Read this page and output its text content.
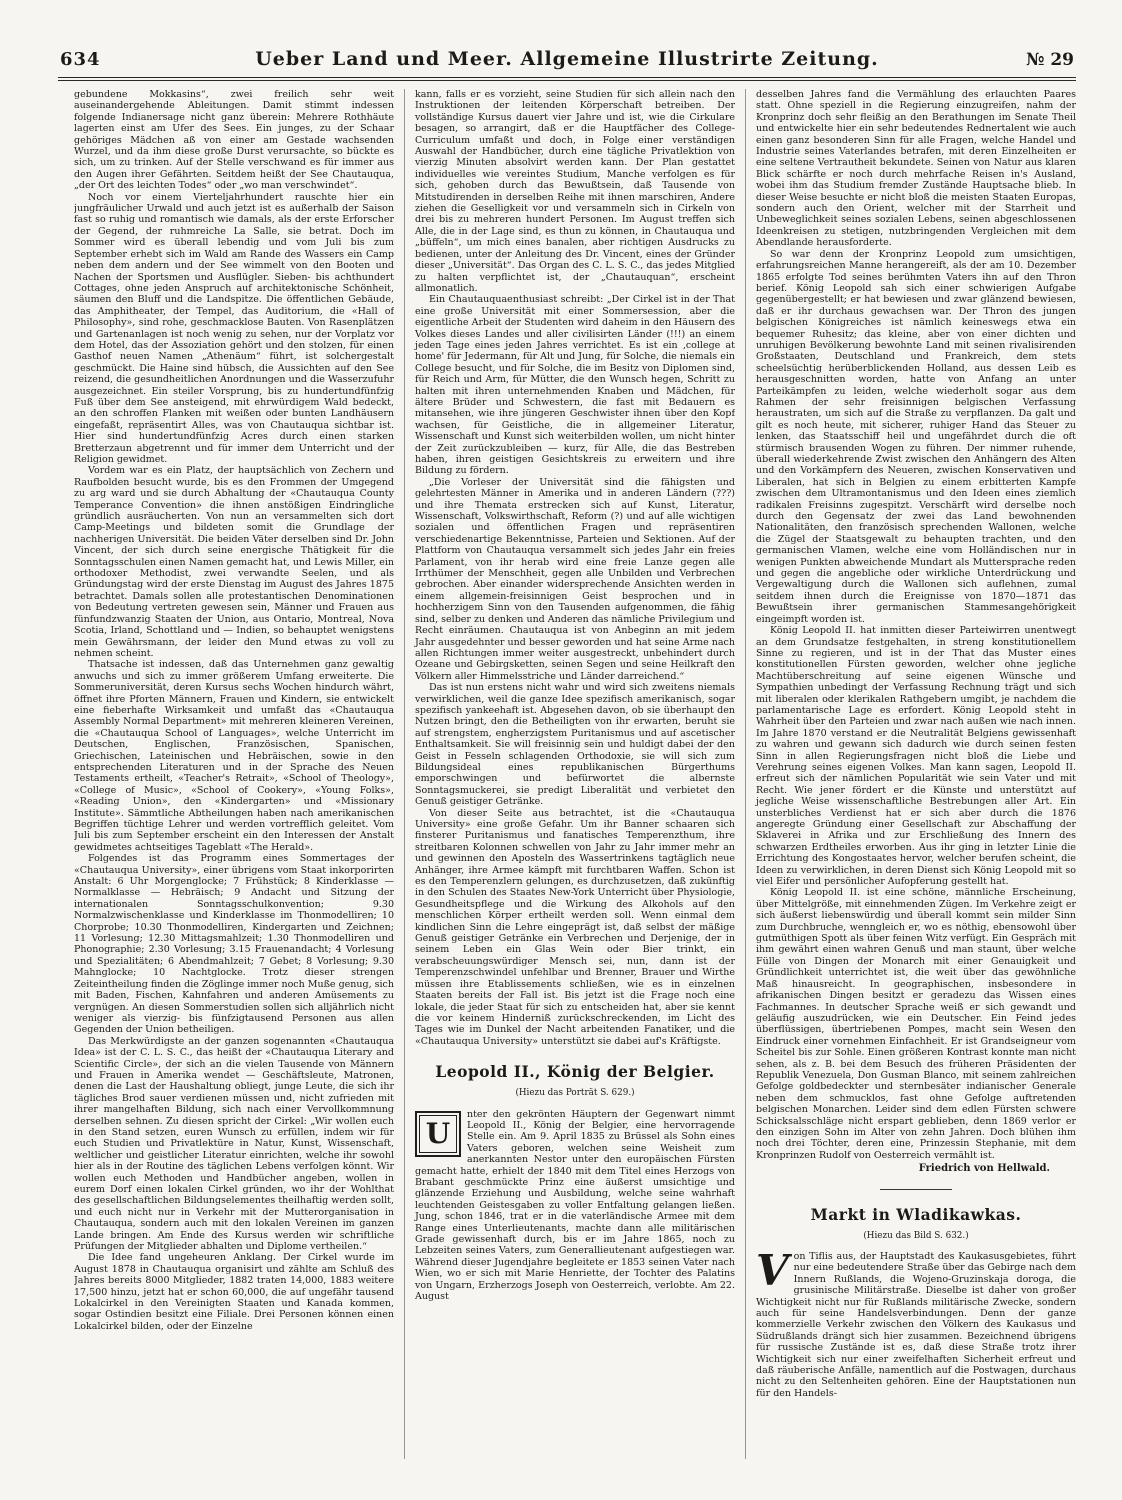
634	Ueber Land und Meer. Allgemeine Illustrirte Zeitung.	№ 29

gebundene Mokkasins“, zwei freilich sehr weit auseinandergehende Ableitungen. Damit stimmt indessen folgende Indianersage nicht ganz überein: Mehrere Rothhäute lagerten einst am Ufer des Sees. Ein junges, zu der Schaar gehöriges Mädchen aß von einer am Gestade wachsenden Wurzel, und da ihm diese große Durst verursachte, so bückte es sich, um zu trinken. Auf der Stelle verschwand es für immer aus den Augen ihrer Gefährten. Seitdem heißt der See Chautauqua, „der Ort des leichten Todes“ oder „wo man verschwindet“.

Noch vor einem Vierteljahrhundert rauschte hier ein jungfräulicher Urwald und auch jetzt ist es außerhalb der Saison fast so ruhig und romantisch wie damals, als der erste Erforscher der Gegend, der ruhmreiche La Salle, sie betrat. Doch im Sommer wird es überall lebendig und vom Juli bis zum September erhebt sich im Wald am Rande des Wassers ein Camp neben dem andern und der See wimmelt von den Booten und Nachen der Sportsmen und Ausflügler. Sieben- bis achthundert Cottages, ohne jeden Anspruch auf architektonische Schönheit, säumen den Bluff und die Landspitze. Die öffentlichen Gebäude, das Amphitheater, der Tempel, das Auditorium, die «Hall of Philosophy», sind rohe, geschmacklose Bauten. Von Rasenplätzen und Gartenanlagen ist noch wenig zu sehen, nur der Vorplatz vor dem Hotel, das der Assoziation gehört und den stolzen, für einen Gasthof neuen Namen „Athenäum“ führt, ist solchergestalt geschmückt. Die Haine sind hübsch, die Aussichten auf den See reizend, die gesundheitlichen Anordnungen und die Wasserzufuhr ausgezeichnet. Ein steiler Vorsprung, bis zu hundertundfünfzig Fuß über dem See ansteigend, mit ehrwürdigem Wald bedeckt, an den schroffen Flanken mit weißen oder bunten Landhäusern eingefaßt, repräsentirt Alles, was von Chautauqua sichtbar ist. Hier sind hundertundfünfzig Acres durch einen starken Bretterzaun abgetrennt und für immer dem Unterricht und der Religion gewidmet.

Vordem war es ein Platz, der hauptsächlich von Zechern und Raufbolden besucht wurde, bis es den Frommen der Umgegend zu arg ward und sie durch Abhaltung der «Chautauqua County Temperance Convention» die ihnen anstößigen Eindringliche gründlich ausräucherten. Von nun an versammelten sich dort Camp-Meetings und bildeten somit die Grundlage der nachherigen Universität. Die beiden Väter derselben sind Dr. John Vincent, der sich durch seine energische Thätigkeit für die Sonntagsschulen einen Namen gemacht hat, und Lewis Miller, ein orthodoxer Methodist, zwei verwandte Seelen, und als Gründungstag wird der erste Dienstag im August des Jahres 1875 betrachtet. Damals sollen alle protestantischen Denominationen von Bedeutung vertreten gewesen sein, Männer und Frauen aus fünfundzwanzig Staaten der Union, aus Ontario, Montreal, Nova Scotia, Irland, Schottland und — Indien, so behauptet wenigstens mein Gewährsmann, der leider den Mund etwas zu voll zu nehmen scheint.

Thatsache ist indessen, daß das Unternehmen ganz gewaltig anwuchs und sich zu immer größerem Umfang erweiterte. Die Sommeruniversität, deren Kursus sechs Wochen hindurch währt, öffnet ihre Pforten Männern, Frauen und Kindern, sie entwickelt eine fieberhafte Wirksamkeit und umfaßt das «Chautauqua Assembly Normal Department» mit mehreren kleineren Vereinen, die «Chautauqua School of Languages», welche Unterricht im Deutschen, Englischen, Französischen, Spanischen, Griechischen, Lateinischen und Hebräischen, sowie in den entsprechenden Literaturen und in der Sprache des Neuen Testaments ertheilt, «Teacher's Retrait», «School of Theology», «College of Music», «School of Cookery», «Young Folks», «Reading Union», den «Kindergarten» und «Missionary Institute». Sämmtliche Abtheilungen haben nach amerikanischen Begriffen tüchtige Lehrer und werden vortrefflich geleitet. Vom Juli bis zum September erscheint ein den Interessen der Anstalt gewidmetes achtseitiges Tageblatt «The Herald».

Folgendes ist das Programm eines Sommertages der «Chautauqua University», einer übrigens vom Staat inkorporirten Anstalt: 6 Uhr Morgenglocke; 7 Frühstück; 8 Kinderklasse — Normalklasse — Hebräisch; 9 Andacht und Sitzung der internationalen Sonntagsschulkonvention; 9.30 Normalzwischenklasse und Kinderklasse im Thonmodelliren; 10 Chorprobe; 10.30 Thonmodelliren, Kindergarten und Zeichnen; 11 Vorlesung; 12.30 Mittagsmahlzeit; 1.30 Thonmodelliren und Phonographie; 2.30 Vorlesung; 3.15 Frauenandacht; 4 Vorlesung und Spezialitäten; 6 Abendmahlzeit; 7 Gebet; 8 Vorlesung; 9.30 Mahnglocke; 10 Nachtglocke. Trotz dieser strengen Zeiteintheilung finden die Zöglinge immer noch Muße genug, sich mit Baden, Fischen, Kahnfahren und anderen Amüsements zu vergnügen. An diesen Sommerstudien sollen sich alljährlich nicht weniger als vierzig- bis fünfzigtausend Personen aus allen Gegenden der Union betheiligen.

Das Merkwürdigste an der ganzen sogenannten «Chautauqua Idea» ist der C. L. S. C., das heißt der «Chautauqua Literary and Scientific Circle», der sich an die vielen Tausende von Männern und Frauen in Amerika wendet — Geschäftsleute, Matronen, denen die Last der Haushaltung obliegt, junge Leute, die sich ihr tägliches Brod sauer verdienen müssen und, nicht zufrieden mit ihrer mangelhaften Bildung, sich nach einer Vervollkommnung derselben sehnen. Zu diesen spricht der Cirkel: „Wir wollen euch in den Stand setzen, euren Wunsch zu erfüllen, indem wir für euch Studien und Privatlektüre in Natur, Kunst, Wissenschaft, weltlicher und geistlicher Literatur einrichten, welche ihr sowohl hier als in der Routine des täglichen Lebens verfolgen könnt. Wir wollen euch Methoden und Handbücher angeben, wollen in eurem Dorf einen lokalen Cirkel gründen, wo ihr der Wohlthat des gesellschaftlichen Bildungselementes theilhaftig werden sollt, und euch nicht nur in Verkehr mit der Mutterorganisation in Chautauqua, sondern auch mit den lokalen Vereinen im ganzen Lande bringen. Am Ende des Kursus werden wir schriftliche Prüfungen der Mitglieder abhalten und Diplome vertheilen.“

Die Idee fand ungeheuren Anklang. Der Cirkel wurde im August 1878 in Chautauqua organisirt und zählte am Schluß des Jahres bereits 8000 Mitglieder, 1882 traten 14,000, 1883 weitere 17,500 hinzu, jetzt hat er schon 60,000, die auf ungefähr tausend Lokalcirkel in den Vereinigten Staaten und Kanada kommen, sogar Ostindien besitzt eine Filiale. Drei Personen können einen Lokalcirkel bilden, oder der Einzelne

kann, falls er es vorzieht, seine Studien für sich allein nach den Instruktionen der leitenden Körperschaft betreiben. Der vollständige Kursus dauert vier Jahre und ist, wie die Cirkulare besagen, so arrangirt, daß er die Hauptfächer des College-Curriculum umfaßt und doch, in Folge einer verständigen Auswahl der Handbücher, durch eine tägliche Privatlektion von vierzig Minuten absolvirt werden kann. Der Plan gestattet individuelles wie vereintes Studium, Manche verfolgen es für sich, gehoben durch das Bewußtsein, daß Tausende von Mitstudirenden in derselben Reihe mit ihnen marschiren, Andere ziehen die Geselligkeit vor und versammeln sich in Cirkeln von drei bis zu mehreren hundert Personen. Im August treffen sich Alle, die in der Lage sind, es thun zu können, in Chautauqua und „büffeln“, um mich eines banalen, aber richtigen Ausdrucks zu bedienen, unter der Anleitung des Dr. Vincent, eines der Gründer dieser „Universität“. Das Organ des C. L. S. C., das jedes Mitglied zu halten verpflichtet ist, der „Chautauquan“, erscheint allmonatlich.

Ein Chautauquaenthusiast schreibt: „Der Cirkel ist in der That eine große Universität mit einer Sommersession, aber die eigentliche Arbeit der Studenten wird daheim in den Häusern des Volkes dieses Landes und aller civilisirten Länder (!!!) an einem jeden Tage eines jeden Jahres verrichtet. Es ist ein ‚college at home' für Jedermann, für Alt und Jung, für Solche, die niemals ein College besucht, und für Solche, die im Besitz von Diplomen sind, für Reich und Arm, für Mütter, die den Wunsch hegen, Schritt zu halten mit ihren unternehmenden Knaben und Mädchen, für ältere Brüder und Schwestern, die fast mit Bedauern es mitansehen, wie ihre jüngeren Geschwister ihnen über den Kopf wachsen, für Geistliche, die in allgemeiner Literatur, Wissenschaft und Kunst sich weiterbilden wollen, um nicht hinter der Zeit zurückzubleiben — kurz, für Alle, die das Bestreben haben, ihren geistigen Gesichtskreis zu erweitern und ihre Bildung zu fördern.

„Die Vorleser der Universität sind die fähigsten und gelehrtesten Männer in Amerika und in anderen Ländern (???) und ihre Themata erstrecken sich auf Kunst, Literatur, Wissenschaft, Volkswirthschaft, Reform (?) und auf alle wichtigen sozialen und öffentlichen Fragen und repräsentiren verschiedenartige Bekenntnisse, Parteien und Sektionen. Auf der Plattform von Chautauqua versammelt sich jedes Jahr ein freies Parlament, von ihr herab wird eine freie Lanze gegen alle Irrthümer der Menschheit, gegen alle Unbilden und Verbrechen gebrochen. Aber einander widersprechende Ansichten werden in einem allgemein-freisinnigen Geist besprochen und in hochherzigem Sinn von den Tausenden aufgenommen, die fähig sind, selber zu denken und Anderen das nämliche Privilegium und Recht einräumen. Chautauqua ist von Anbeginn an mit jedem Jahr ausgedehnter und besser geworden und hat seine Arme nach allen Richtungen immer weiter ausgestreckt, unbehindert durch Ozeane und Gebirgsketten, seinen Segen und seine Heilkraft den Völkern aller Himmelsstriche und Länder darreichend.“

Das ist nun erstens nicht wahr und wird sich zweitens niemals verwirklichen, weil die ganze Idee spezifisch amerikanisch, sogar spezifisch yankeehaft ist. Abgesehen davon, ob sie überhaupt den Nutzen bringt, den die Betheiligten von ihr erwarten, beruht sie auf strengstem, engherzigstem Puritanismus und auf ascetischer Enthaltsamkeit. Sie will freisinnig sein und huldigt dabei der den Geist in Fesseln schlagenden Orthodoxie, sie will sich zum Bildungsideal eines republikanischen Bürgerthums emporschwingen und befürwortet die albernste Sonntagsmuckerei, sie predigt Liberalität und verbietet den Genuß geistiger Getränke.

Von dieser Seite aus betrachtet, ist die «Chautauqua University» eine große Gefahr. Um ihr Banner schaaren sich finsterer Puritanismus und fanatisches Temperenzthum, ihre streitbaren Kolonnen schwellen von Jahr zu Jahr immer mehr an und gewinnen den Aposteln des Wassertrinkens tagtäglich neue Anhänger, ihre Armee kämpft mit furchtbaren Waffen. Schon ist es den Temperenzlern gelungen, es durchzusetzen, daß zukünftig in den Schulen des Staates New-York Unterricht über Physiologie, Gesundheitspflege und die Wirkung des Alkohols auf den menschlichen Körper ertheilt werden soll. Wenn einmal dem kindlichen Sinn die Lehre eingeprägt ist, daß selbst der mäßige Genuß geistiger Getränke ein Verbrechen und Derjenige, der in seinem Leben ein Glas Wein oder Bier trinkt, ein verabscheuungswürdiger Mensch sei, nun, dann ist der Temperenzschwindel unfehlbar und Brenner, Brauer und Wirthe müssen ihre Etablissements schließen, wie es in einzelnen Staaten bereits der Fall ist. Bis jetzt ist die Frage noch eine lokale, die jeder Staat für sich zu entscheiden hat, aber sie kennt die vor keinem Hinderniß zurückschreckenden, im Licht des Tages wie im Dunkel der Nacht arbeitenden Fanatiker, und die «Chautauqua University» unterstützt sie dabei auf's Kräftigste.

Leopold II., König der Belgier.

(Hiezu das Porträt S. 629.)

U
nter den gekrönten Häuptern der Gegenwart nimmt Leopold II., König der Belgier, eine hervorragende Stelle ein. Am 9. April 1835 zu Brüssel als Sohn eines Vaters geboren, welchen seine Weisheit zum anerkannten Nestor unter den europäischen Fürsten gemacht hatte, erhielt der 1840 mit dem Titel eines Herzogs von Brabant geschmückte Prinz eine äußerst umsichtige und glänzende Erziehung und Ausbildung, welche seine wahrhaft leuchtenden Geistesgaben zu voller Entfaltung gelangen ließen. Jung, schon 1846, trat er in die vaterländische Armee mit dem Range eines Unterlieutenants, machte dann alle militärischen Grade gewissenhaft durch, bis er im Jahre 1865, noch zu Lebzeiten seines Vaters, zum Generallieutenant aufgestiegen war. Während dieser Jugendjahre begleitete er 1853 seinen Vater nach Wien, wo er sich mit Marie Henriette, der Tochter des Palatins von Ungarn, Erzherzogs Joseph von Oesterreich, verlobte. Am 22. August

desselben Jahres fand die Vermählung des erlauchten Paares statt. Ohne speziell in die Regierung einzugreifen, nahm der Kronprinz doch sehr fleißig an den Berathungen im Senate Theil und entwickelte hier ein sehr bedeutendes Rednertalent wie auch einen ganz besonderen Sinn für alle Fragen, welche Handel und Industrie seines Vaterlandes betrafen, mit deren Einzelheiten er eine seltene Vertrautheit bekundete. Seinen von Natur aus klaren Blick schärfte er noch durch mehrfache Reisen in's Ausland, wobei ihm das Studium fremder Zustände Hauptsache blieb. In dieser Weise besuchte er nicht bloß die meisten Staaten Europas, sondern auch den Orient, welcher mit der Starrheit und Unbeweglichkeit seines sozialen Lebens, seinen abgeschlossenen Ideenkreisen zu stetigen, nutzbringenden Vergleichen mit dem Abendlande herausforderte.

So war denn der Kronprinz Leopold zum umsichtigen, erfahrungsreichen Manne herangereift, als der am 10. Dezember 1865 erfolgte Tod seines berühmten Vaters ihn auf den Thron berief. König Leopold sah sich einer schwierigen Aufgabe gegenübergestellt; er hat bewiesen und zwar glänzend bewiesen, daß er ihr durchaus gewachsen war. Der Thron des jungen belgischen Königreiches ist nämlich keineswegs etwa ein bequemer Ruhesitz; das kleine, aber von einer dichten und unruhigen Bevölkerung bewohnte Land mit seinen rivalisirenden Großstaaten, Deutschland und Frankreich, dem stets scheelsüchtig herüberblickenden Holland, aus dessen Leib es herausgeschnitten worden, hatte von Anfang an unter Parteikämpfen zu leiden, welche wiederholt sogar aus dem Rahmen der sehr freisinnigen belgischen Verfassung heraustraten, um sich auf die Straße zu verpflanzen. Da galt und gilt es noch heute, mit sicherer, ruhiger Hand das Steuer zu lenken, das Staatsschiff heil und ungefährdet durch die oft stürmisch brausenden Wogen zu führen. Der nimmer ruhende, überall wiederkehrende Zwist zwischen den Anhängern des Alten und den Vorkämpfern des Neueren, zwischen Konservativen und Liberalen, hat sich in Belgien zu einem erbitterten Kampfe zwischen dem Ultramontanismus und den Ideen eines ziemlich radikalen Freisinns zugespitzt. Verschärft wird derselbe noch durch den Gegensatz der zwei das Land bewohnenden Nationalitäten, den französisch sprechenden Wallonen, welche die Zügel der Staatsgewalt zu behaupten trachten, und den germanischen Vlamen, welche eine vom Holländischen nur in wenigen Punkten abweichende Mundart als Muttersprache reden und gegen die angebliche oder wirkliche Unterdrückung und Vergewaltigung durch die Wallonen sich auflehnen, zumal seitdem ihnen durch die Ereignisse von 1870—1871 das Bewußtsein ihrer germanischen Stammesangehörigkeit eingeimpft worden ist.

König Leopold II. hat inmitten dieser Parteiwirren unentwegt an dem Grundsatze festgehalten, in streng konstitutionellem Sinne zu regieren, und ist in der That das Muster eines konstitutionellen Fürsten geworden, welcher ohne jegliche Machtüberschreitung auf seine eigenen Wünsche und Sympathien unbedingt der Verfassung Rechnung trägt und sich mit liberalen oder klerikalen Rathgebern umgibt, je nachdem die parlamentarische Lage es erfordert. König Leopold steht in Wahrheit über den Parteien und zwar nach außen wie nach innen. Im Jahre 1870 verstand er die Neutralität Belgiens gewissenhaft zu wahren und gewann sich dadurch wie durch seinen festen Sinn in allen Regierungsfragen nicht bloß die Liebe und Verehrung seines eigenen Volkes. Man kann sagen, Leopold II. erfreut sich der nämlichen Popularität wie sein Vater und mit Recht. Wie jener fördert er die Künste und unterstützt auf jegliche Weise wissenschaftliche Bestrebungen aller Art. Ein unsterbliches Verdienst hat er sich aber durch die 1876 angeregte Gründung einer Gesellschaft zur Abschaffung der Sklaverei in Afrika und zur Erschließung des Innern des schwarzen Erdtheiles erworben. Aus ihr ging in letzter Linie die Errichtung des Kongostaates hervor, welcher berufen scheint, die Ideen zu verwirklichen, in deren Dienst sich König Leopold mit so viel Eifer und persönlicher Aufopferung gestellt hat.

König Leopold II. ist eine schöne, männliche Erscheinung, über Mittelgröße, mit einnehmenden Zügen. Im Verkehre zeigt er sich äußerst liebenswürdig und überall kommt sein milder Sinn zum Durchbruche, wenngleich er, wo es nöthig, ebensowohl über gutmüthigen Spott als über feinen Witz verfügt. Ein Gespräch mit ihm gewährt einen wahren Genuß und man staunt, über welche Fülle von Dingen der Monarch mit einer Genauigkeit und Gründlichkeit unterrichtet ist, die weit über das gewöhnliche Maß hinausreicht. In geographischen, insbesondere in afrikanischen Dingen besitzt er geradezu das Wissen eines Fachmannes. In deutscher Sprache weiß er sich gewandt und geläufig auszudrücken, wie ein Deutscher. Ein Feind jedes überflüssigen, übertriebenen Pompes, macht sein Wesen den Eindruck einer vornehmen Einfachheit. Er ist Grandseigneur vom Scheitel bis zur Sohle. Einen größeren Kontrast konnte man nicht sehen, als z. B. bei dem Besuch des früheren Präsidenten der Republik Venezuela, Don Gusman Blanco, mit seinem zahlreichen Gefolge goldbedeckter und sternbesäter indianischer Generale neben dem schmucklos, fast ohne Gefolge auftretenden belgischen Monarchen. Leider sind dem edlen Fürsten schwere Schicksalsschläge nicht erspart geblieben, denn 1869 verlor er den einzigen Sohn im Alter von zehn Jahren. Doch blühen ihm noch drei Töchter, deren eine, Prinzessin Stephanie, mit dem Kronprinzen Rudolf von Oesterreich vermählt ist.

Friedrich von Hellwald.

Markt in Wladikawkas.

(Hiezu das Bild S. 632.)

Von Tiflis aus, der Hauptstadt des Kaukasusgebietes, führt nur eine bedeutendere Straße über das Gebirge nach dem Innern Rußlands, die Wojeno-Gruzinskaja doroga, die grusinische Militärstraße. Dieselbe ist daher von großer Wichtigkeit nicht nur für Rußlands militärische Zwecke, sondern auch für seine Handelsverbindungen. Denn der ganze kommerzielle Verkehr zwischen den Völkern des Kaukasus und Südrußlands drängt sich hier zusammen. Bezeichnend übrigens für russische Zustände ist es, daß diese Straße trotz ihrer Wichtigkeit sich nur einer zweifelhaften Sicherheit erfreut und daß räuberische Anfälle, namentlich auf die Postwagen, durchaus nicht zu den Seltenheiten gehören. Eine der Hauptstationen nun für den Handels-
